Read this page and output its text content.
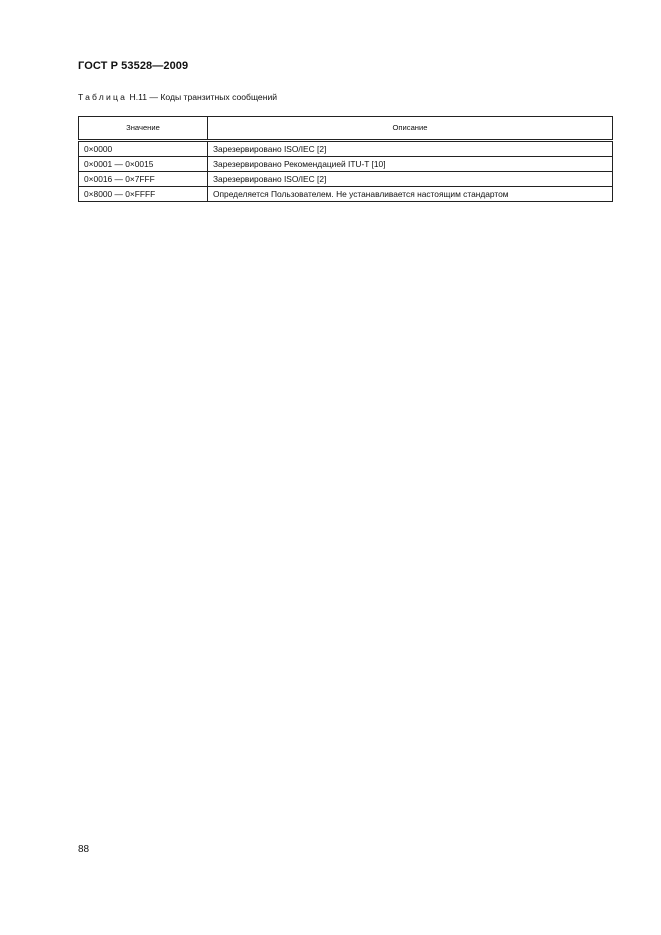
ГОСТ Р 53528—2009
Таблица Н.11 — Коды транзитных сообщений
Значение	Описание
0×0000	Зарезервировано ISO/IEC [2]
0×0001 — 0×0015	Зарезервировано Рекомендацией ITU-T [10]
0×0016 — 0×7FFF	Зарезервировано ISO/IEC [2]
0×8000 — 0×FFFF	Определяется Пользователем. Не устанавливается настоящим стандартом
88
